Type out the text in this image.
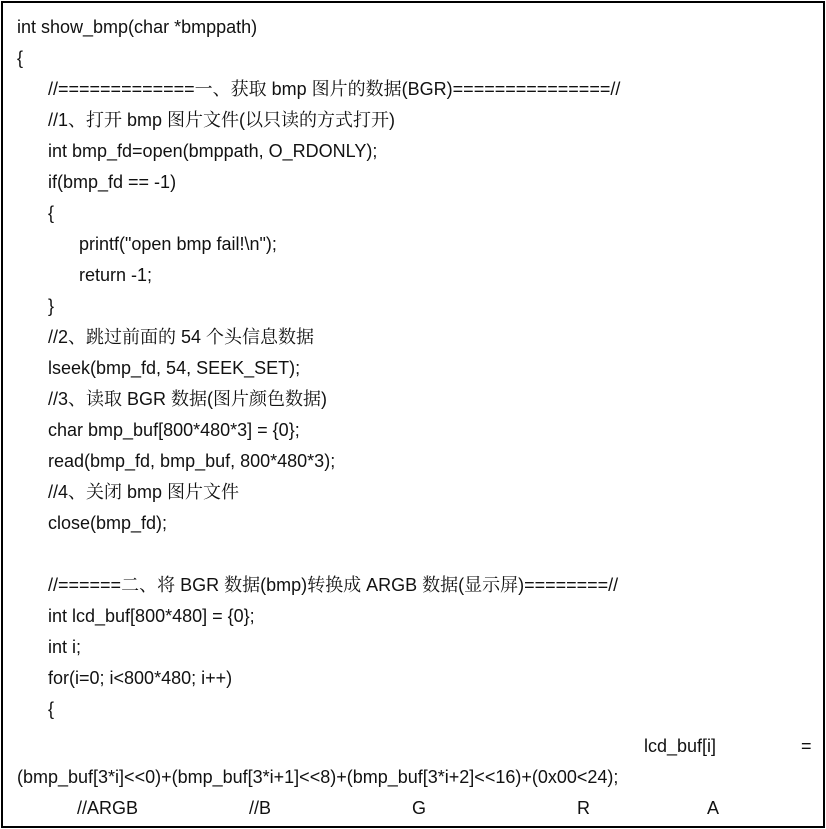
lcd_buf[i]	=
(bmp_buf[3*i]<<0)+(bmp_buf[3*i+1]<<8)+(bmp_buf[3*i+2]<<16)+(0x00<24);
//ARGB	//B	G	R	A
int show_bmp(char *bmppath)
{
//=============一、获取 bmp 图片的数据(BGR)===============//
//1、打开 bmp 图片文件(以只读的方式打开)
int bmp_fd=open(bmppath, O_RDONLY);
if(bmp_fd == -1)
{
printf("open bmp fail!\n");
return -1;
}
//2、跳过前面的 54 个头信息数据
lseek(bmp_fd, 54, SEEK_SET);
//3、读取 BGR 数据(图片颜色数据)
char bmp_buf[800*480*3] = {0};
read(bmp_fd, bmp_buf, 800*480*3);
//4、关闭 bmp 图片文件
close(bmp_fd);
//======二、将 BGR 数据(bmp)转换成 ARGB 数据(显示屏)========//
int lcd_buf[800*480] = {0};
int i;
for(i=0; i<800*480; i++)
{
